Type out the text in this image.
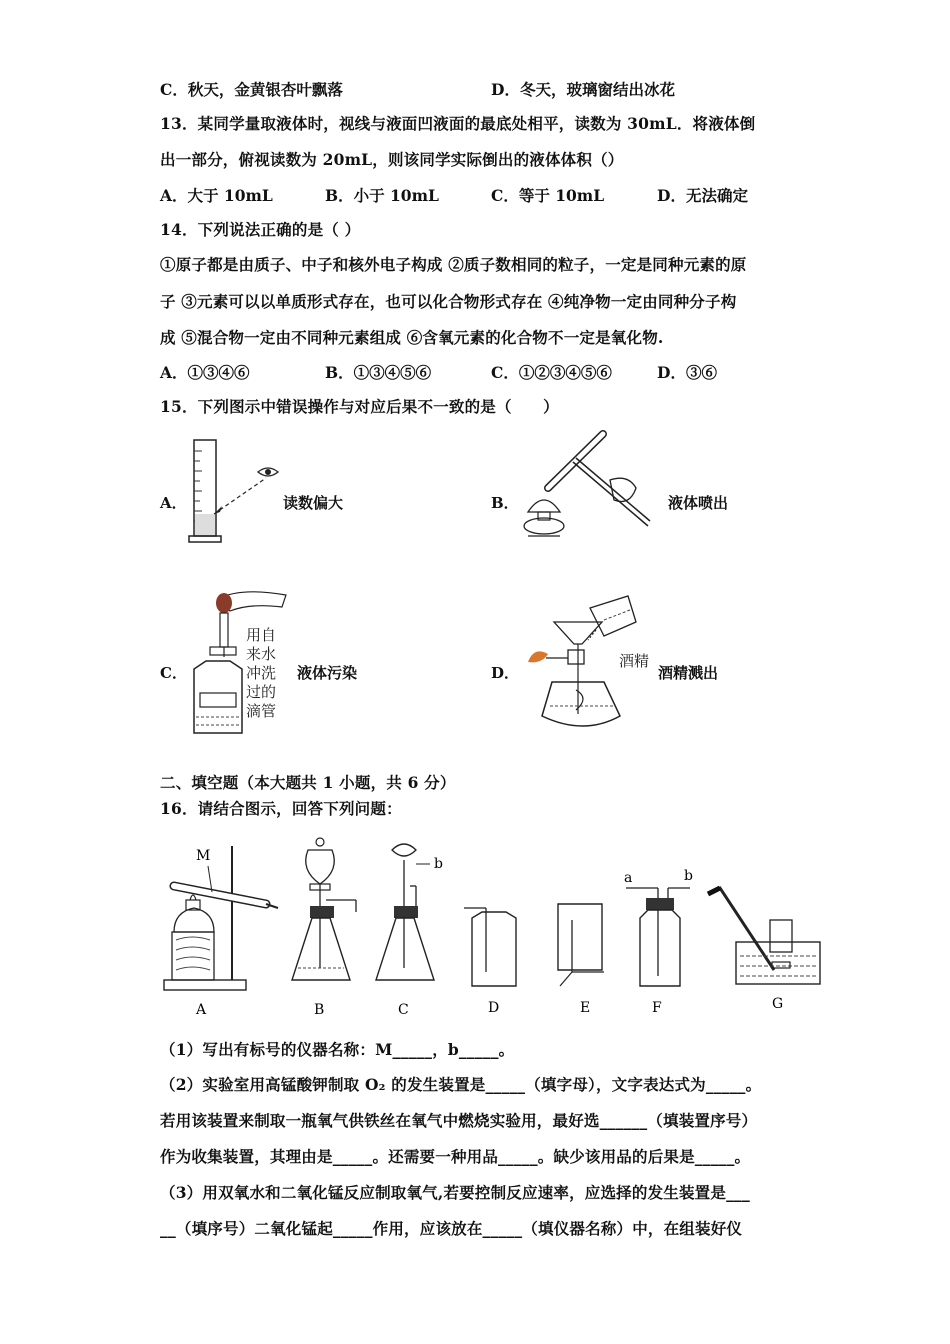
C．秋天，金黄银杏叶飘落	D．冬天，玻璃窗结出冰花
13．某同学量取液体时，视线与液面凹液面的最底处相平，读数为 30mL．将液体倒
出一部分，俯视读数为 20mL，则该同学实际倒出的液体体积（）
A．大于 10mL	B．小于 10mL	C．等于 10mL	D．无法确定
14．下列说法正确的是（ ）
①原子都是由质子、中子和核外电子构成 ②质子数相同的粒子，一定是同种元素的原
子 ③元素可以以单质形式存在，也可以化合物形式存在 ④纯净物一定由同种分子构
成 ⑤混合物一定由不同种元素组成 ⑥含氧元素的化合物不一定是氧化物.
A．①③④⑥	B．①③④⑤⑥	C．①②③④⑤⑥	D．③⑥
15．下列图示中错误操作与对应后果不一致的是（　　）
A．	读数偏大	B．	液体喷出
C．
用自
来水
冲洗
过的
滴管
液体污染	D．
酒精
酒精溅出
二、填空题（本大题共 1 小题，共 6 分）
16．请结合图示，回答下列问题：
M
A	B
b
C	D	E
a	b
F	G
（1）写出有标号的仪器名称：M_____，b_____。
（2）实验室用高锰酸钾制取 O₂ 的发生装置是_____（填字母），文字表达式为_____。
若用该装置来制取一瓶氧气供铁丝在氧气中燃烧实验用，最好选______（填装置序号）
作为收集装置，其理由是_____。还需要一种用品_____。缺少该用品的后果是_____。
（3）用双氧水和二氧化锰反应制取氧气,若要控制反应速率，应选择的发生装置是___
__（填序号）二氧化锰起_____作用，应该放在_____（填仪器名称）中，在组装好仪
